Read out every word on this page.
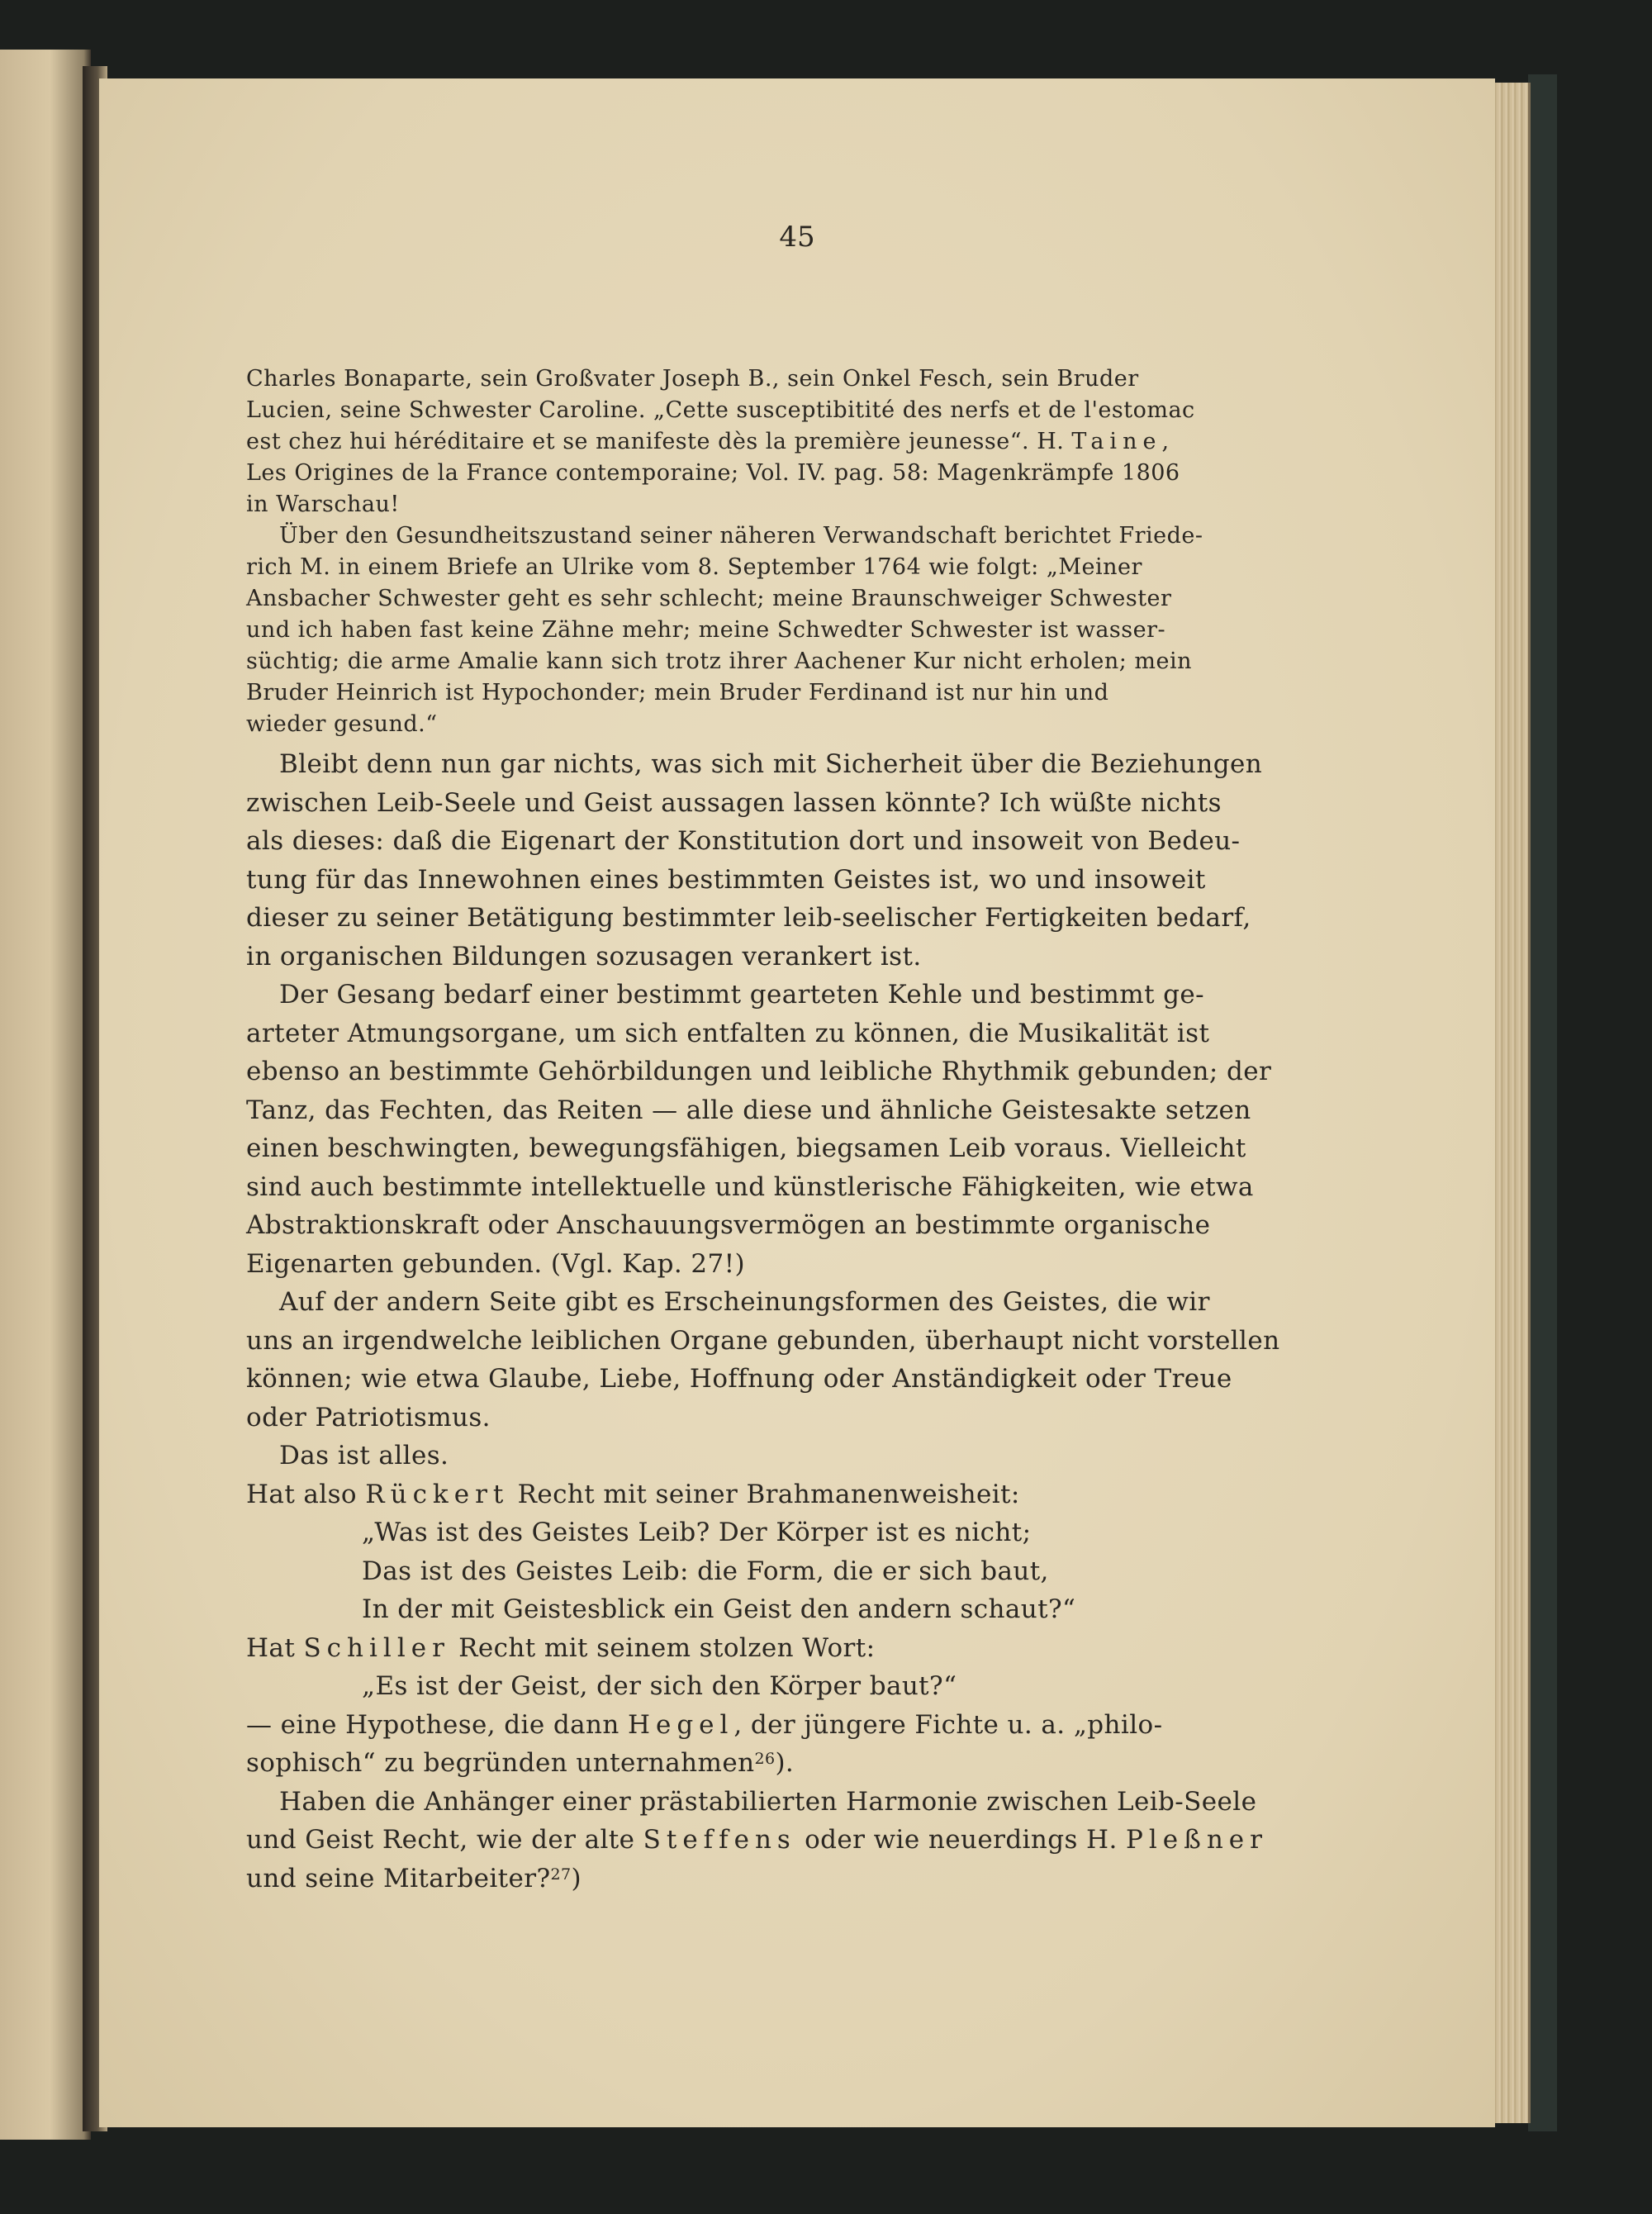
45

Charles Bonaparte, sein Großvater Joseph B., sein Onkel Fesch, sein Bruder
Lucien, seine Schwester Caroline. „Cette susceptibitité des nerfs et de l'estomac
est chez hui héréditaire et se manifeste dès la première jeunesse“. H. Taine,
Les Origines de la France contemporaine; Vol. IV. pag. 58: Magenkrämpfe 1806
in Warschau!

Über den Gesundheitszustand seiner näheren Verwandschaft berichtet Friede-
rich M. in einem Briefe an Ulrike vom 8. September 1764 wie folgt: „Meiner
Ansbacher Schwester geht es sehr schlecht; meine Braunschweiger Schwester
und ich haben fast keine Zähne mehr; meine Schwedter Schwester ist wasser-
süchtig; die arme Amalie kann sich trotz ihrer Aachener Kur nicht erholen; mein
Bruder Heinrich ist Hypochonder; mein Bruder Ferdinand ist nur hin und
wieder gesund.“

Bleibt denn nun gar nichts, was sich mit Sicherheit über die Beziehungen
zwischen Leib-Seele und Geist aussagen lassen könnte? Ich wüßte nichts
als dieses: daß die Eigenart der Konstitution dort und insoweit von Bedeu-
tung für das Innewohnen eines bestimmten Geistes ist, wo und insoweit
dieser zu seiner Betätigung bestimmter leib-seelischer Fertigkeiten bedarf,
in organischen Bildungen sozusagen verankert ist.

Der Gesang bedarf einer bestimmt gearteten Kehle und bestimmt ge-
arteter Atmungsorgane, um sich entfalten zu können, die Musikalität ist
ebenso an bestimmte Gehörbildungen und leibliche Rhythmik gebunden; der
Tanz, das Fechten, das Reiten — alle diese und ähnliche Geistesakte setzen
einen beschwingten, bewegungsfähigen, biegsamen Leib voraus. Vielleicht
sind auch bestimmte intellektuelle und künstlerische Fähigkeiten, wie etwa
Abstraktionskraft oder Anschauungsvermögen an bestimmte organische
Eigenarten gebunden. (Vgl. Kap. 27!)

Auf der andern Seite gibt es Erscheinungsformen des Geistes, die wir
uns an irgendwelche leiblichen Organe gebunden, überhaupt nicht vorstellen
können; wie etwa Glaube, Liebe, Hoffnung oder Anständigkeit oder Treue
oder Patriotismus.

Das ist alles.

Hat also Rückert Recht mit seiner Brahmanenweisheit:
„Was ist des Geistes Leib? Der Körper ist es nicht;
Das ist des Geistes Leib: die Form, die er sich baut,
In der mit Geistesblick ein Geist den andern schaut?“

Hat Schiller Recht mit seinem stolzen Wort:
„Es ist der Geist, der sich den Körper baut?“
— eine Hypothese, die dann Hegel, der jüngere Fichte u. a. „philo-
sophisch“ zu begründen unternahmen$^{26}$).

Haben die Anhänger einer prästabilierten Harmonie zwischen Leib-Seele
und Geist Recht, wie der alte Steffens oder wie neuerdings H. Pleßner
und seine Mitarbeiter?$^{27}$)
